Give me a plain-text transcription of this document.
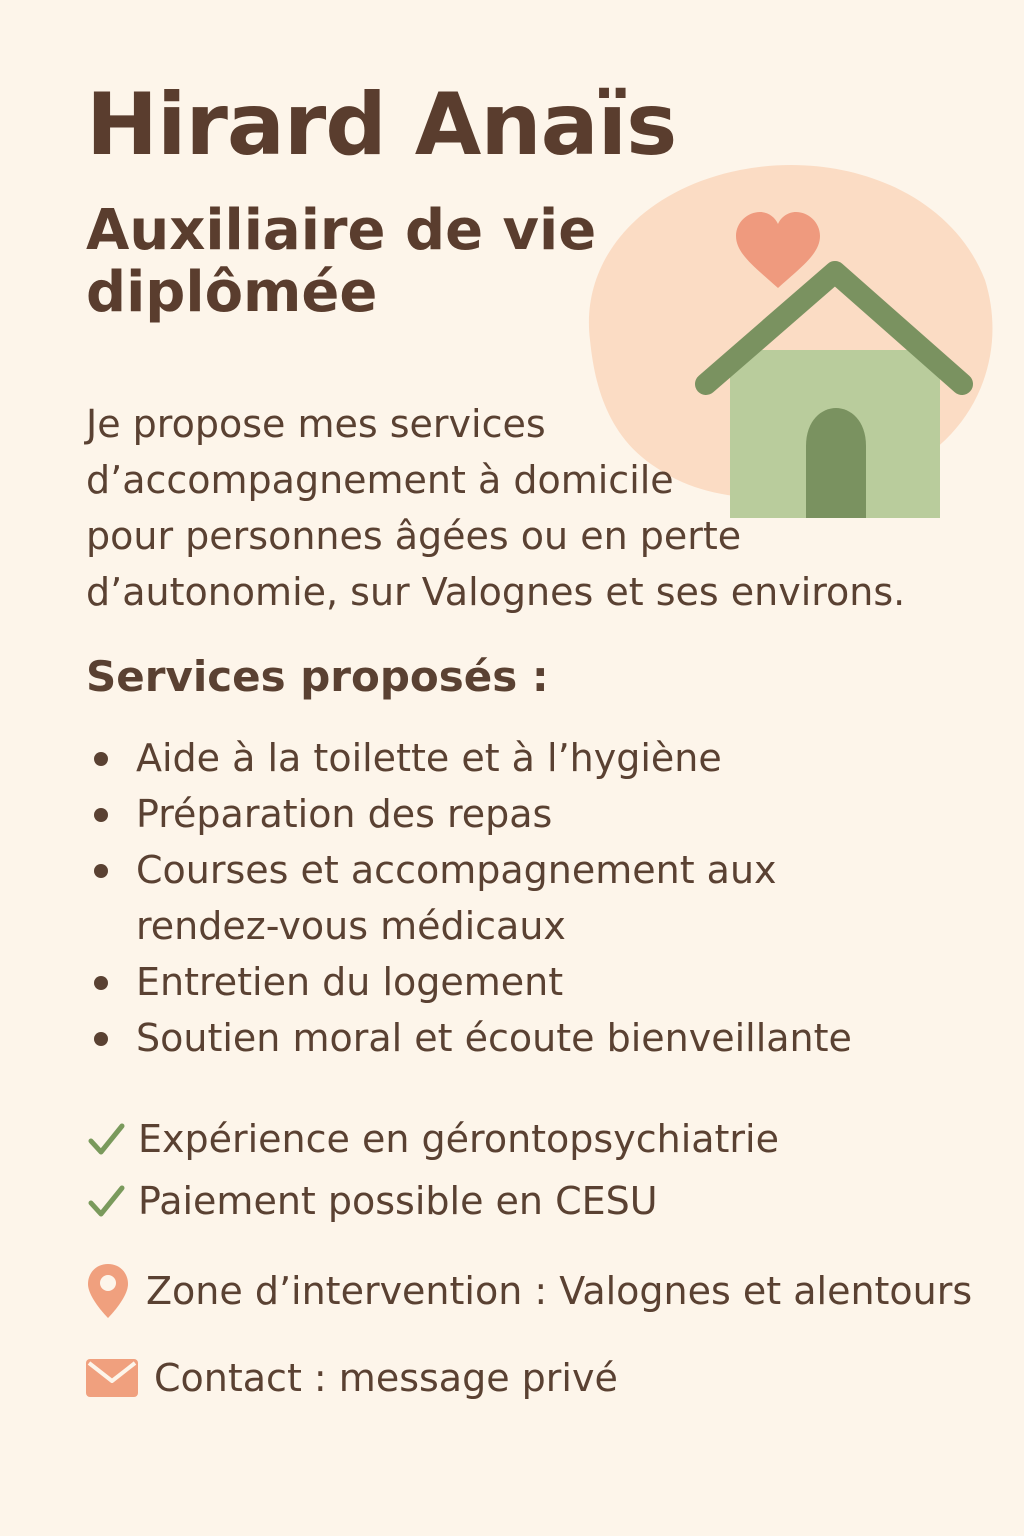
Hirard Anaïs
Auxiliaire de vie
diplômée

Je propose mes services
d’accompagnement à domicile
pour personnes âgées ou en perte
d’autonomie, sur Valognes et ses environs.

Services proposés :
Aide à la toilette et à l’hygiène
Préparation des repas
Courses et accompagnement aux
rendez-vous médicaux
Entretien du logement
Soutien moral et écoute bienveillante
Expérience en gérontopsychiatrie
Paiement possible en CESU
Zone d’intervention : Valognes et alentours
Contact : message privé
